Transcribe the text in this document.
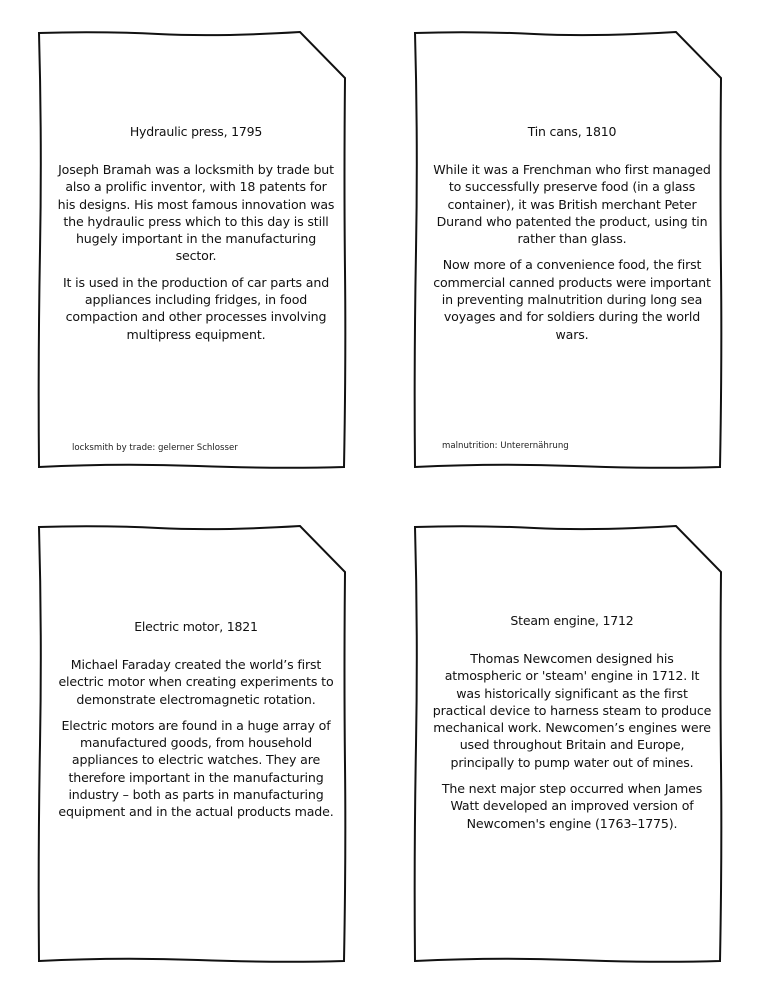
Hydraulic press, 1795

Joseph Bramah was a locksmith by trade but also a prolific inventor, with 18 patents for his designs. His most famous innovation was the hydraulic press which to this day is still hugely important in the manufacturing sector.

It is used in the production of car parts and appliances including fridges, in food compaction and other processes involving multipress equipment.

locksmith by trade: gelerner Schlosser

Tin cans, 1810

While it was a Frenchman who first managed to successfully preserve food (in a glass container), it was British merchant Peter Durand who patented the product, using tin rather than glass.

Now more of a convenience food, the first commercial canned products were important in preventing malnutrition during long sea voyages and for soldiers during the world wars.

malnutrition: Unterernährung

Electric motor, 1821

Michael Faraday created the world’s first electric motor when creating experiments to demonstrate electromagnetic rotation.

Electric motors are found in a huge array of manufactured goods, from household appliances to electric watches. They are therefore important in the manufacturing industry – both as parts in manufacturing equipment and in the actual products made.

Steam engine, 1712

Thomas Newcomen designed his atmospheric or 'steam' engine in 1712. It was historically significant as the first practical device to harness steam to produce mechanical work. Newcomen’s engines were used throughout Britain and Europe, principally to pump water out of mines.

The next major step occurred when James Watt developed an improved version of Newcomen's engine (1763–1775).
